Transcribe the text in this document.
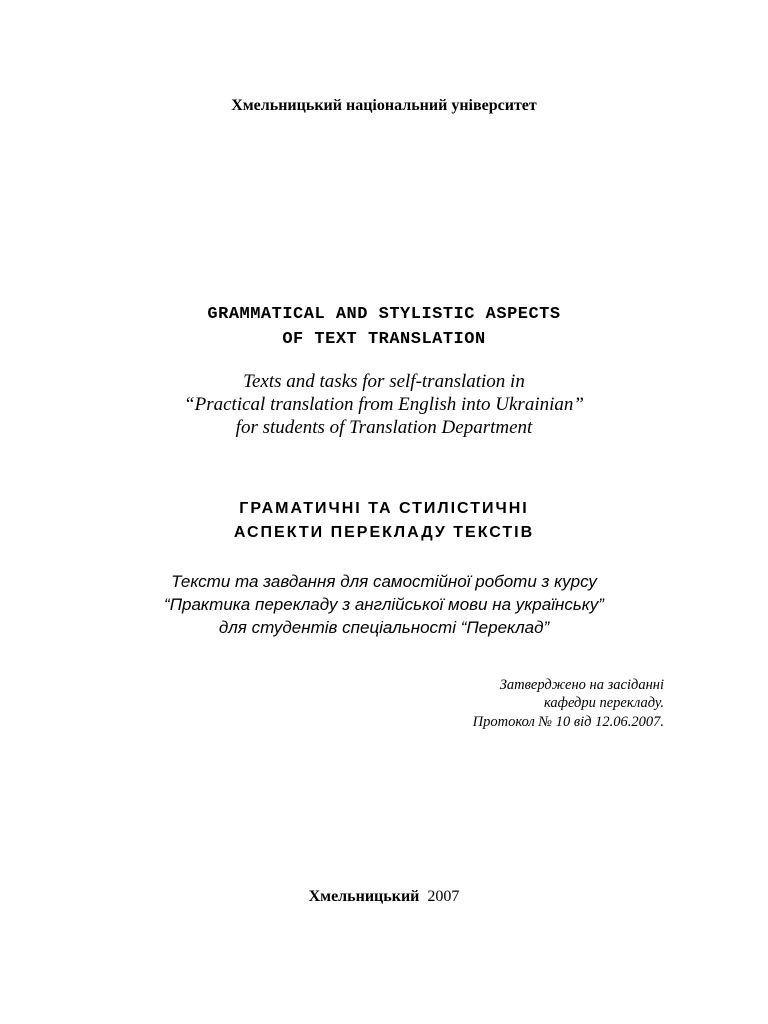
Хмельницький національний університет
GRAMMATICAL AND STYLISTIC ASPECTS
OF TEXT TRANSLATION
Texts and tasks for self-translation in
“Practical translation from English into Ukrainian”
for students of Translation Department
ГРАМАТИЧНІ ТА СТИЛІСТИЧНІ
АСПЕКТИ ПЕРЕКЛАДУ ТЕКСТІВ
Тексти та завдання для самостійної роботи з курсу
“Практика перекладу з англійської мови на українську”
для студентів спеціальності “Переклад”
Затверджено на засіданні
кафедри перекладу.
Протокол № 10 від 12.06.2007.
Хмельницький 2007
